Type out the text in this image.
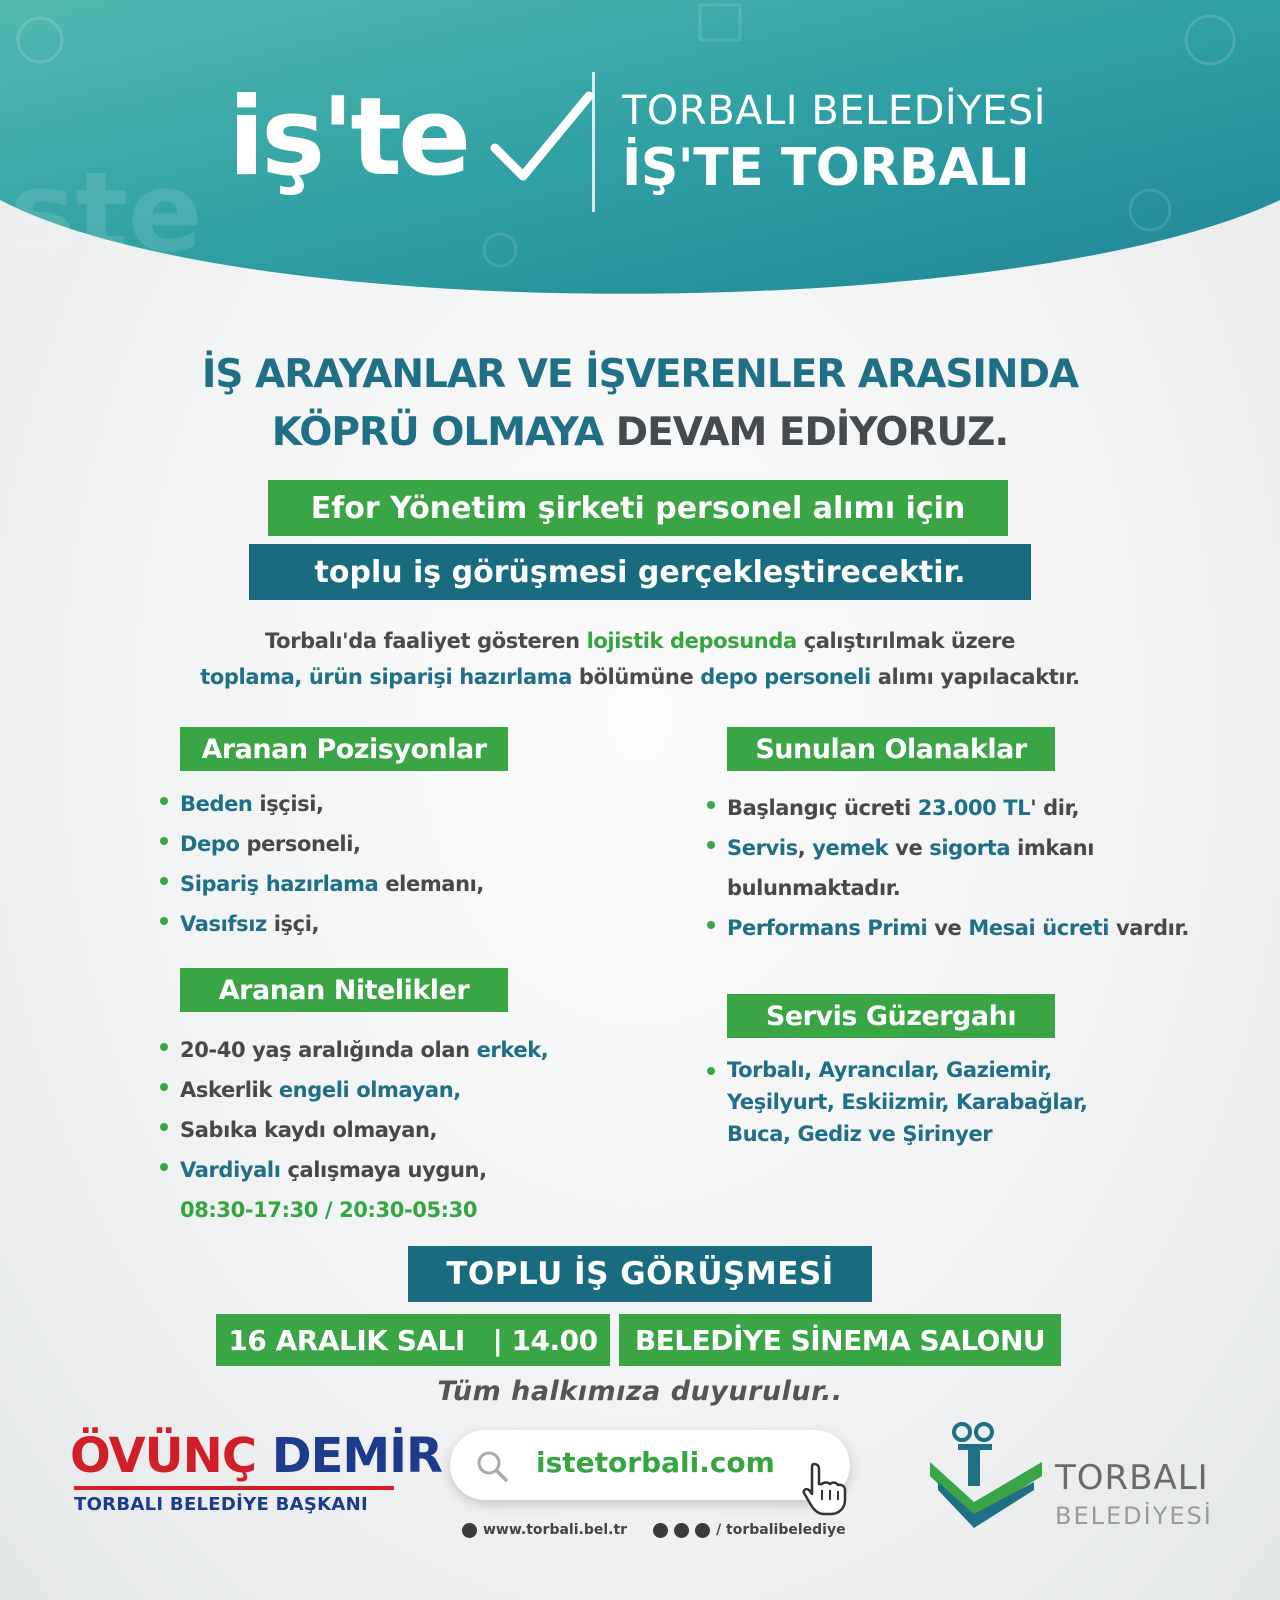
ste
iş'te	TORBALI BELEDİYESİ
İŞ'TE TORBALI
İŞ ARAYANLAR VE İŞVERENLER ARASINDA
KÖPRÜ OLMAYA DEVAM EDİYORUZ.
Efor Yönetim şirketi personel alımı için
toplu iş görüşmesi gerçekleştirecektir.
Torbalı'da faaliyet gösteren lojistik deposunda çalıştırılmak üzere
toplama, ürün siparişi hazırlama bölümüne depo personeli alımı yapılacaktır.
Aranan Pozisyonlar
Beden işçisi,
Depo personeli,
Sipariş hazırlama elemanı,
Vasıfsız işçi,
Aranan Nitelikler
20-40 yaş aralığında olan erkek,
Askerlik engeli olmayan,
Sabıka kaydı olmayan,
Vardiyalı çalışmaya uygun,
08:30-17:30 / 20:30-05:30
Sunulan Olanaklar
Başlangıç ücreti 23.000 TL' dir,
Servis, yemek ve sigorta imkanı
bulunmaktadır.
Performans Primi ve Mesai ücreti vardır.
Servis Güzergahı
Torbalı, Ayrancılar, Gaziemir,
Yeşilyurt, Eskiizmir, Karabağlar,
Buca, Gediz ve Şirinyer
TOPLU İŞ GÖRÜŞMESİ
16 ARALIK SALI
| 14.00	BELEDİYE SİNEMA SALONU
Tüm halkımıza duyurulur..
ÖVÜNÇ DEMİR
TORBALI BELEDİYE BAŞKANI
istetorbali.com
www.torbali.bel.tr	/ torbalibelediye
TORBALI
BELEDİYESİ
